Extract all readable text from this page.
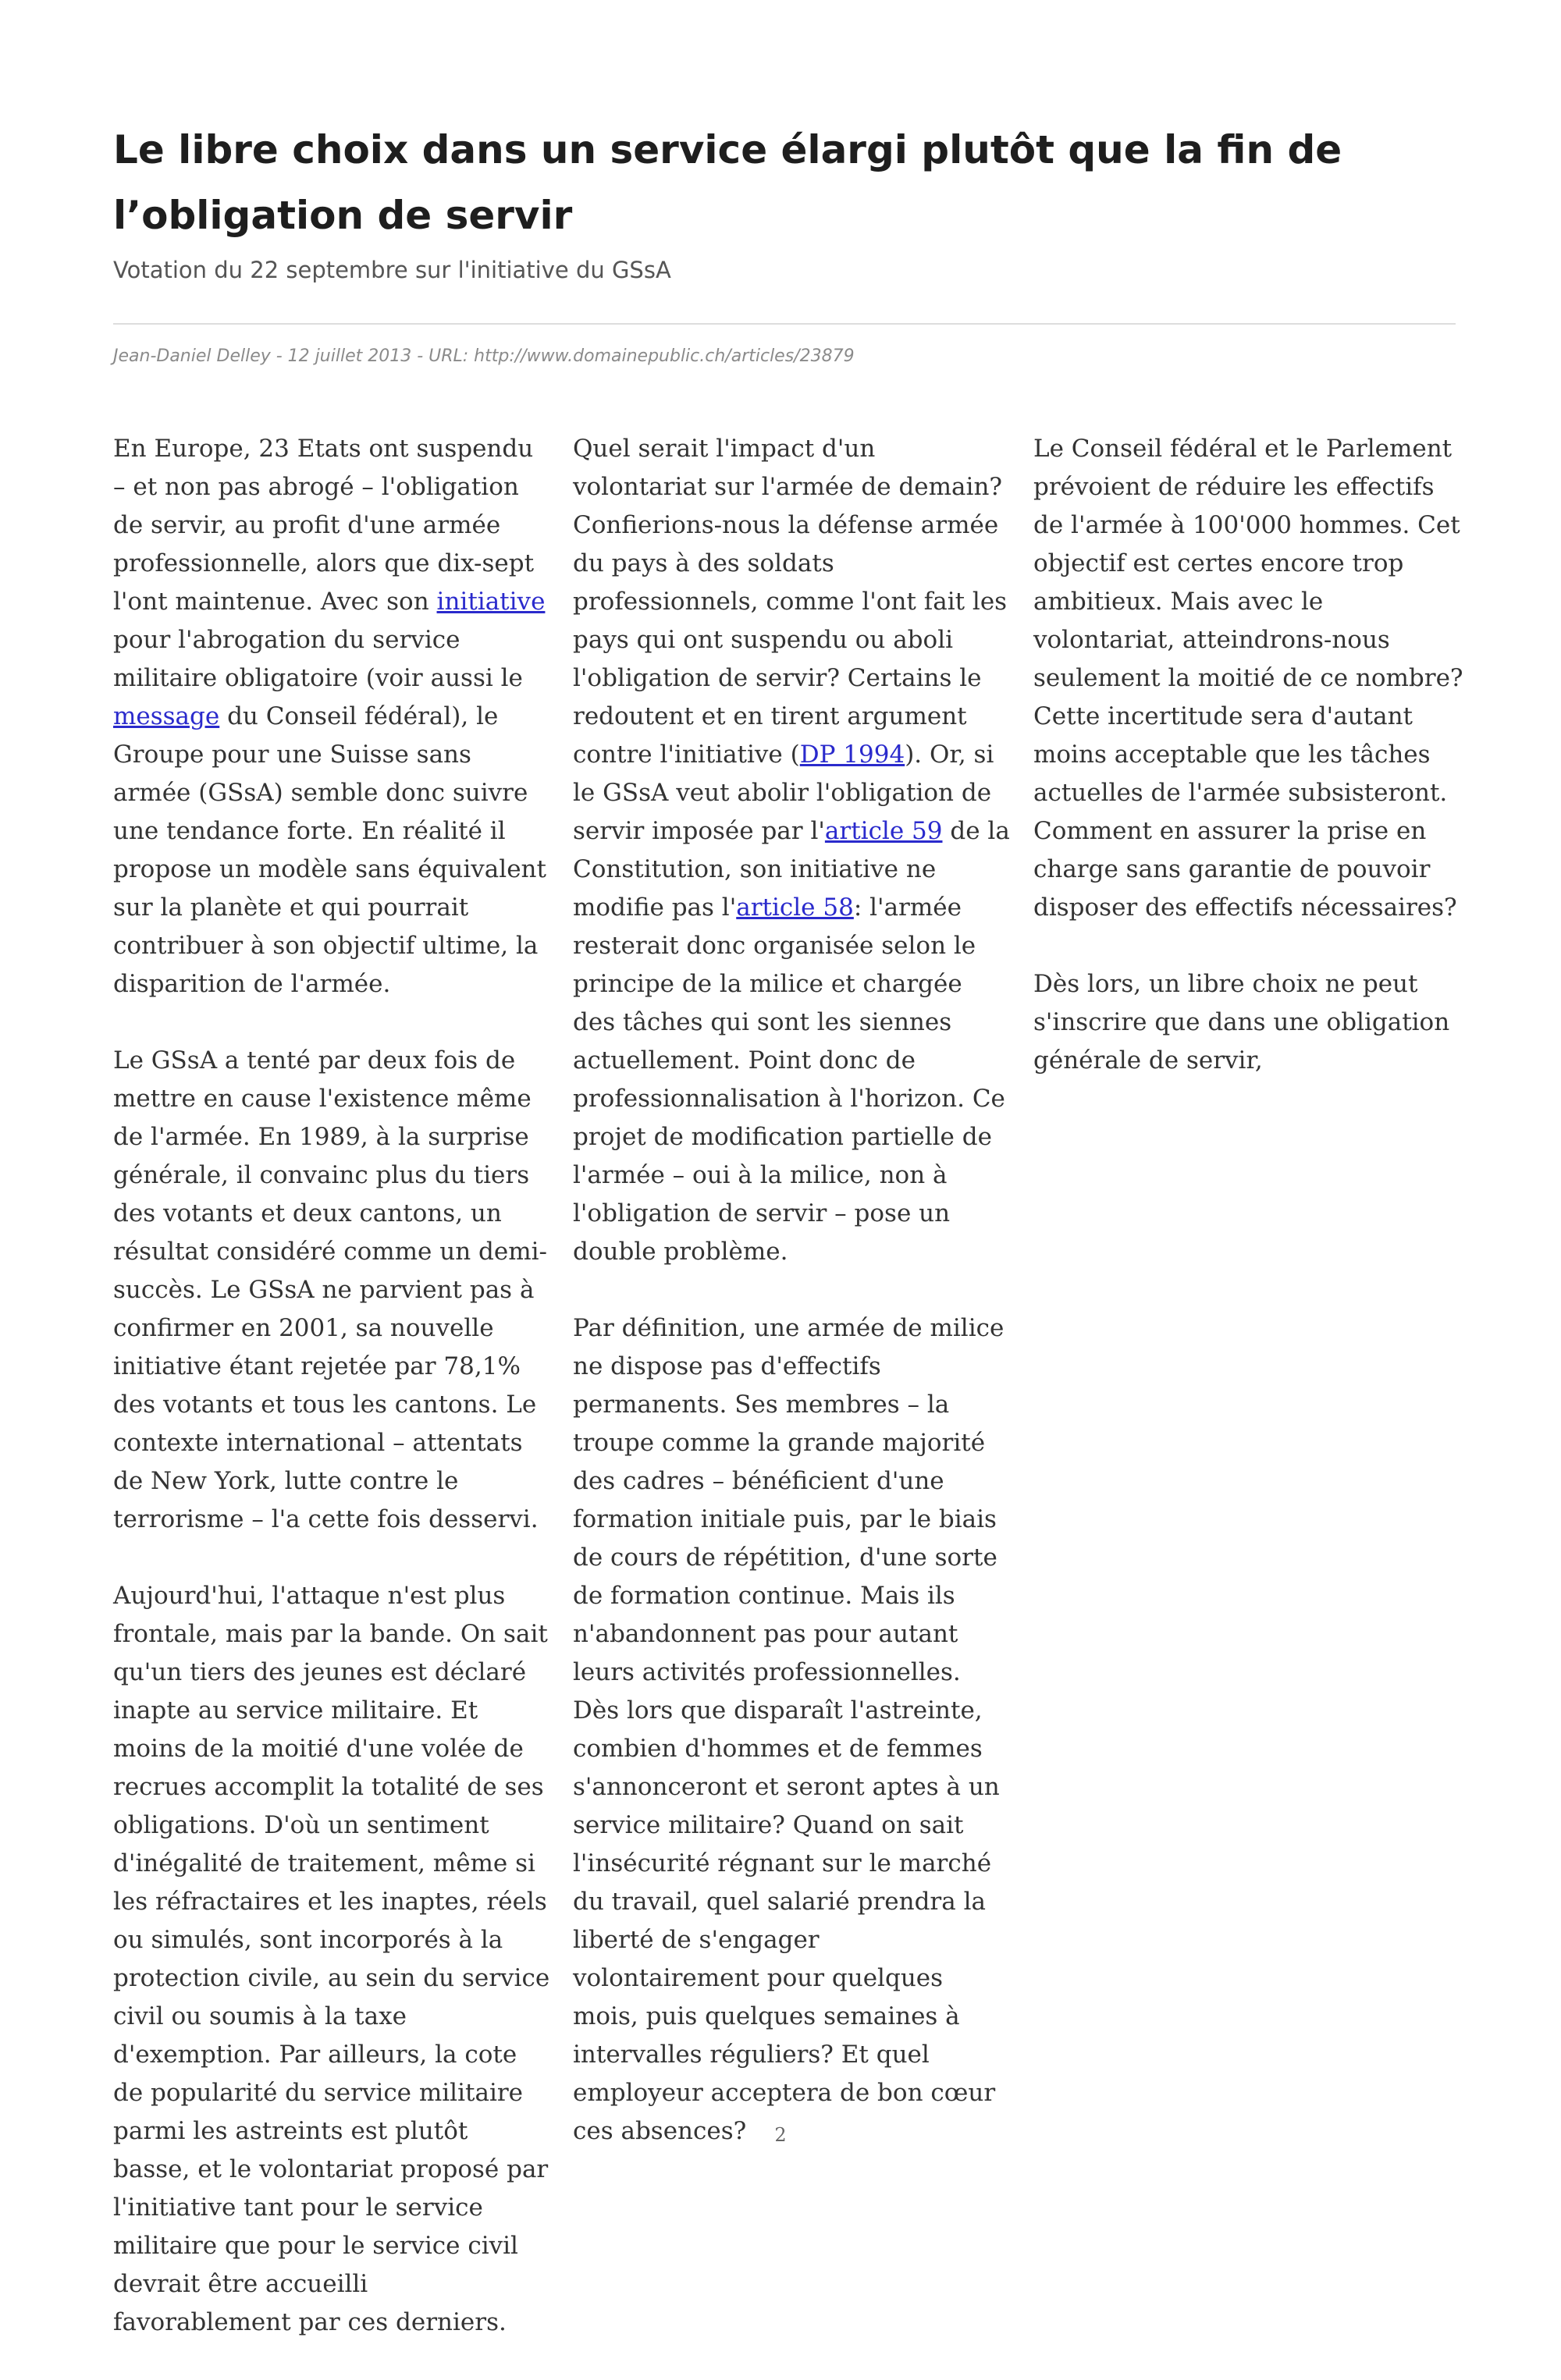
Le libre choix dans un service élargi plutôt que la fin de l’obligation de servir

Votation du 22 septembre sur l'initiative du GSsA

Jean-Daniel Delley - 12 juillet 2013 - URL: http://www.domainepublic.ch/articles/23879

En Europe, 23 Etats ont suspendu – et non pas abrogé – l'obligation de servir, au profit d'une armée professionnelle, alors que dix-sept l'ont maintenue. Avec son initiative pour l'abrogation du service militaire obligatoire (voir aussi le message du Conseil fédéral), le Groupe pour une Suisse sans armée (GSsA) semble donc suivre une tendance forte. En réalité il propose un modèle sans équivalent sur la planète et qui pourrait contribuer à son objectif ultime, la disparition de l'armée.

Le GSsA a tenté par deux fois de mettre en cause l'existence même de l'armée. En 1989, à la surprise générale, il convainc plus du tiers des votants et deux cantons, un résultat considéré comme un demi-succès. Le GSsA ne parvient pas à confirmer en 2001, sa nouvelle initiative étant rejetée par 78,1% des votants et tous les cantons. Le contexte international – attentats de New York, lutte contre le terrorisme – l'a cette fois desservi.

Aujourd'hui, l'attaque n'est plus frontale, mais par la bande. On sait qu'un tiers des jeunes est déclaré inapte au service militaire. Et moins de la moitié d'une volée de recrues accomplit la totalité de ses obligations. D'où un sentiment d'inégalité de traitement, même si les réfractaires et les inaptes, réels ou simulés, sont incorporés à la protection civile, au sein du service civil ou soumis à la taxe d'exemption. Par ailleurs, la cote de popularité du service militaire parmi les astreints est plutôt basse, et le volontariat proposé par l'initiative tant pour le service militaire que pour le service civil devrait être accueilli favorablement par ces derniers.

Quel serait l'impact d'un volontariat sur l'armée de demain? Confierions-nous la défense armée du pays à des soldats professionnels, comme l'ont fait les pays qui ont suspendu ou aboli l'obligation de servir? Certains le redoutent et en tirent argument contre l'initiative (DP 1994). Or, si le GSsA veut abolir l'obligation de servir imposée par l'article 59 de la Constitution, son initiative ne modifie pas l'article 58: l'armée resterait donc organisée selon le principe de la milice et chargée des tâches qui sont les siennes actuellement. Point donc de professionnalisation à l'horizon. Ce projet de modification partielle de l'armée – oui à la milice, non à l'obligation de servir – pose un double problème.

Par définition, une armée de milice ne dispose pas d'effectifs permanents. Ses membres – la troupe comme la grande majorité des cadres – bénéficient d'une formation initiale puis, par le biais de cours de répétition, d'une sorte de formation continue. Mais ils n'abandonnent pas pour autant leurs activités professionnelles. Dès lors que disparaît l'astreinte, combien d'hommes et de femmes s'annonceront et seront aptes à un service militaire? Quand on sait l'insécurité régnant sur le marché du travail, quel salarié prendra la liberté de s'engager volontairement pour quelques mois, puis quelques semaines à intervalles réguliers? Et quel employeur acceptera de bon cœur ces absences?

Le Conseil fédéral et le Parlement prévoient de réduire les effectifs de l'armée à 100'000 hommes. Cet objectif est certes encore trop ambitieux. Mais avec le volontariat, atteindrons-nous seulement la moitié de ce nombre? Cette incertitude sera d'autant moins acceptable que les tâches actuelles de l'armée subsisteront. Comment en assurer la prise en charge sans garantie de pouvoir disposer des effectifs nécessaires?

Dès lors, un libre choix ne peut s'inscrire que dans une obligation générale de servir,

2
